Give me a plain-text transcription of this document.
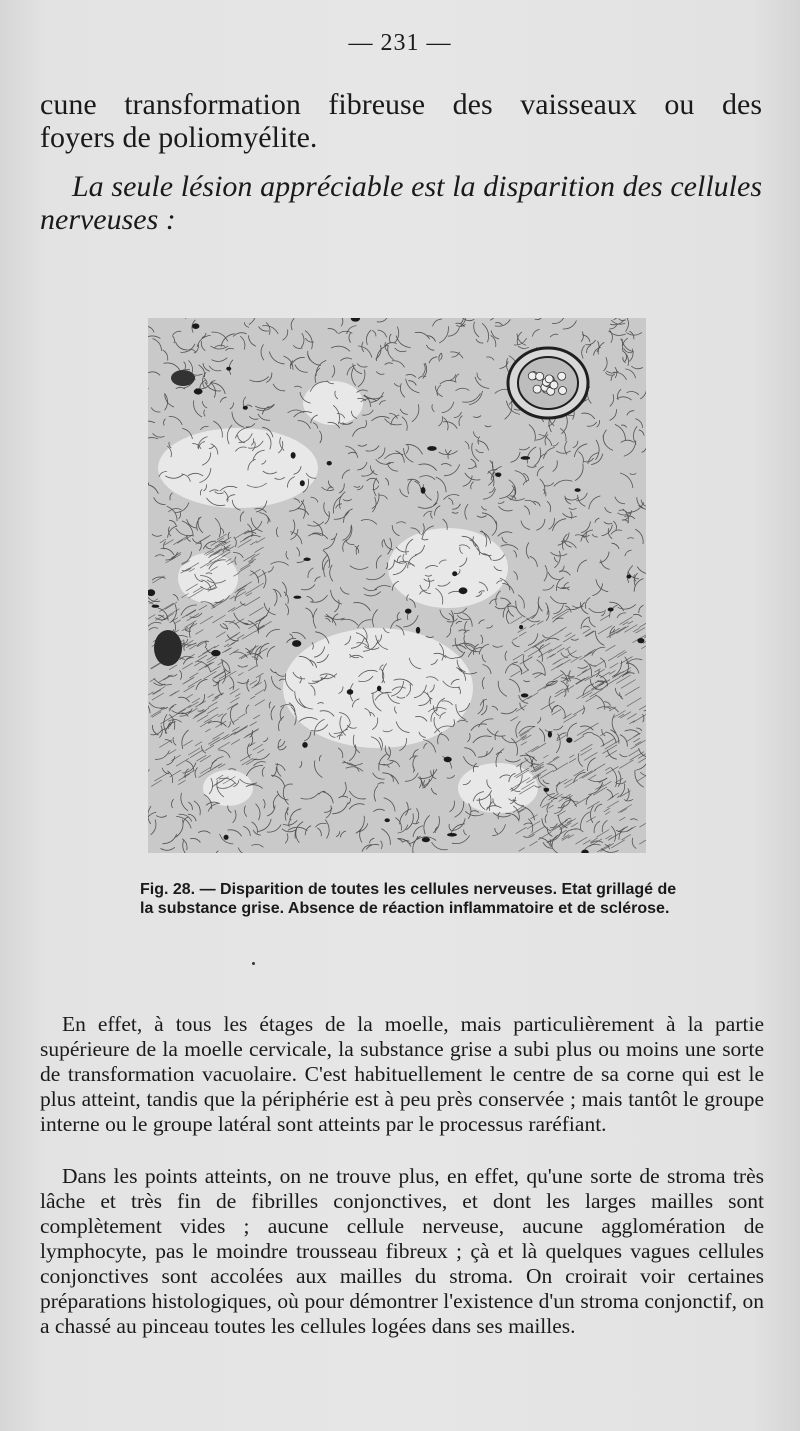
— 231 —
cune transformation fibreuse des vaisseaux ou des
foyers de poliomyélite.
La seule lésion appréciable est la disparition des cellules nerveuses :
Fig. 28. — Disparition de toutes les cellules nerveuses. Etat grillagé de la substance grise. Absence de réaction inflammatoire et de sclérose.

En effet, à tous les étages de la moelle, mais particulièrement à la partie supérieure de la moelle cervicale, la substance grise a subi plus ou moins une sorte de transformation vacuolaire. C'est habituellement le centre de sa corne qui est le plus atteint, tandis que la périphérie est à peu près conservée ; mais tantôt le groupe interne ou le groupe latéral sont atteints par le processus raréfiant.

Dans les points atteints, on ne trouve plus, en effet, qu'une sorte de stroma très lâche et très fin de fibrilles conjonctives, et dont les larges mailles sont complètement vides ; aucune cellule nerveuse, aucune agglomération de lymphocyte, pas le moindre trousseau fibreux ; çà et là quelques vagues cellules conjonctives sont accolées aux mailles du stroma. On croirait voir certaines préparations histologiques, où pour démontrer l'existence d'un stroma conjonctif, on a chassé au pinceau toutes les cellules logées dans ses mailles.
